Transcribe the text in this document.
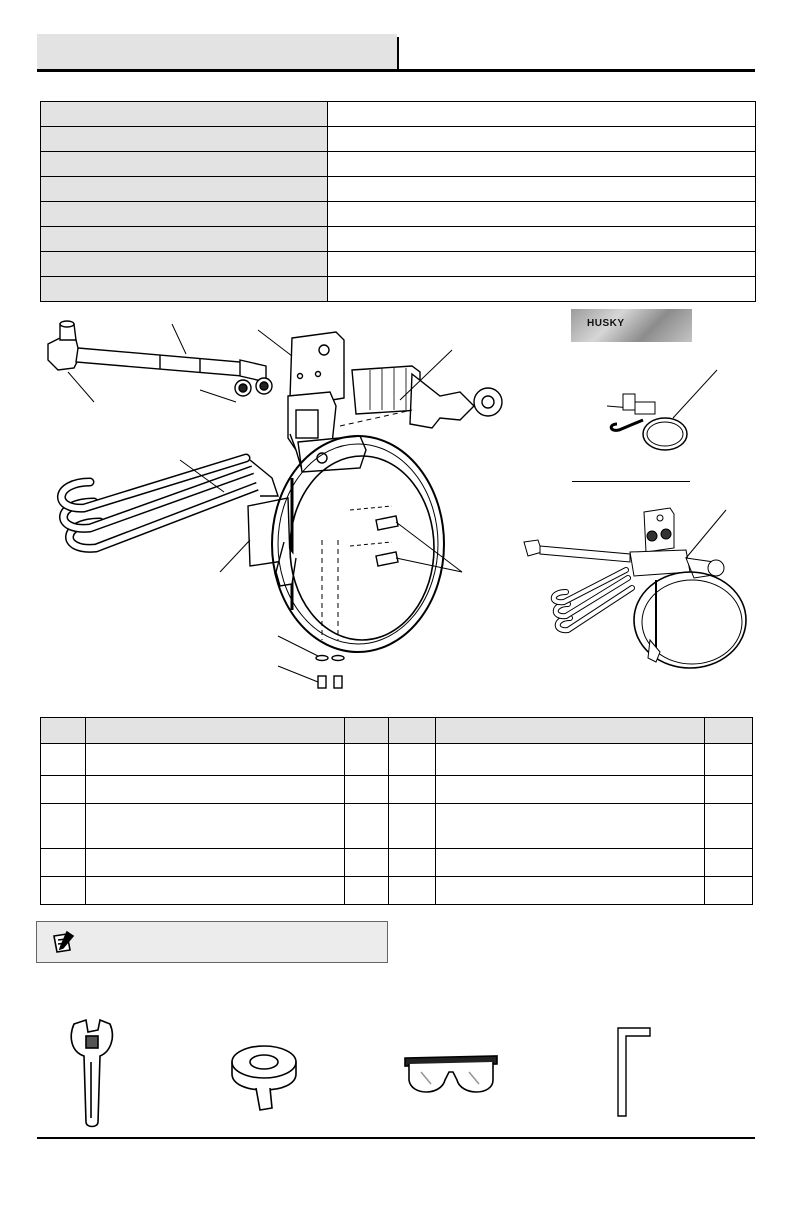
HUSKY
